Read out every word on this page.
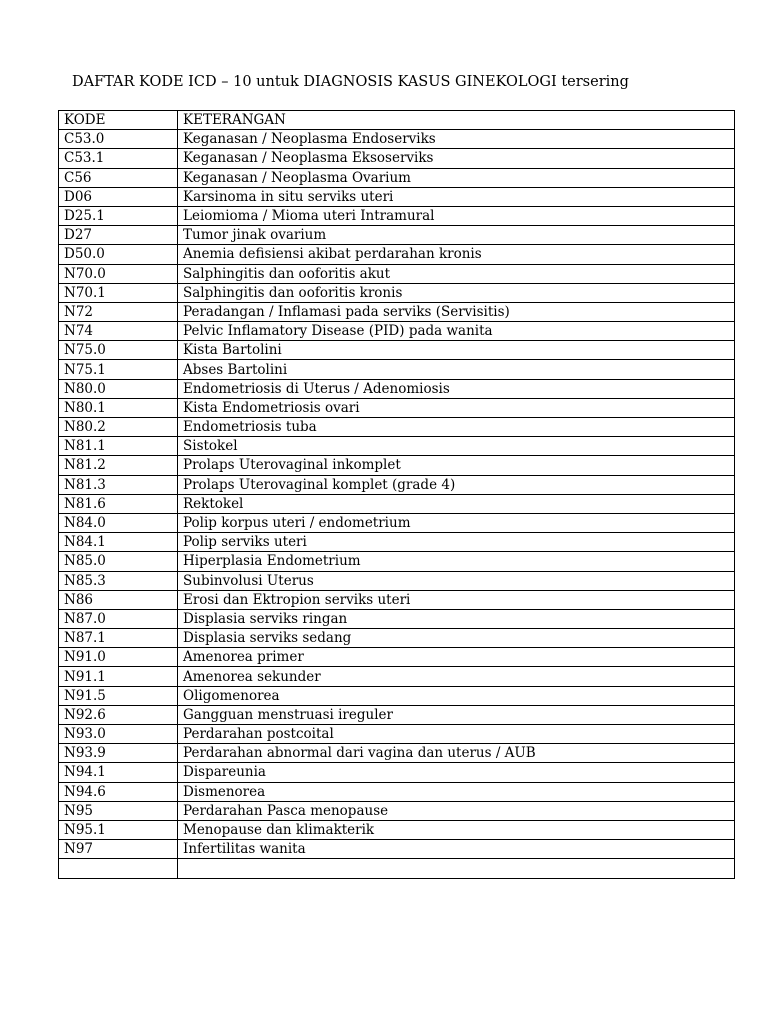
DAFTAR KODE ICD – 10 untuk DIAGNOSIS KASUS GINEKOLOGI tersering
KODE	KETERANGAN
C53.0	Keganasan / Neoplasma Endoserviks
C53.1	Keganasan / Neoplasma Eksoserviks
C56	Keganasan / Neoplasma Ovarium
D06	Karsinoma in situ serviks uteri
D25.1	Leiomioma / Mioma uteri Intramural
D27	Tumor jinak ovarium
D50.0	Anemia defisiensi akibat perdarahan kronis
N70.0	Salphingitis dan ooforitis akut
N70.1	Salphingitis dan ooforitis kronis
N72	Peradangan / Inflamasi pada serviks (Servisitis)
N74	Pelvic Inflamatory Disease (PID) pada wanita
N75.0	Kista Bartolini
N75.1	Abses Bartolini
N80.0	Endometriosis di Uterus / Adenomiosis
N80.1	Kista Endometriosis ovari
N80.2	Endometriosis tuba
N81.1	Sistokel
N81.2	Prolaps Uterovaginal inkomplet
N81.3	Prolaps Uterovaginal komplet (grade 4)
N81.6	Rektokel
N84.0	Polip korpus uteri / endometrium
N84.1	Polip serviks uteri
N85.0	Hiperplasia Endometrium
N85.3	Subinvolusi Uterus
N86	Erosi dan Ektropion serviks uteri
N87.0	Displasia serviks ringan
N87.1	Displasia serviks sedang
N91.0	Amenorea primer
N91.1	Amenorea sekunder
N91.5	Oligomenorea
N92.6	Gangguan menstruasi ireguler
N93.0	Perdarahan postcoital
N93.9	Perdarahan abnormal dari vagina dan uterus / AUB
N94.1	Dispareunia
N94.6	Dismenorea
N95	Perdarahan Pasca menopause
N95.1	Menopause dan klimakterik
N97	Infertilitas wanita
